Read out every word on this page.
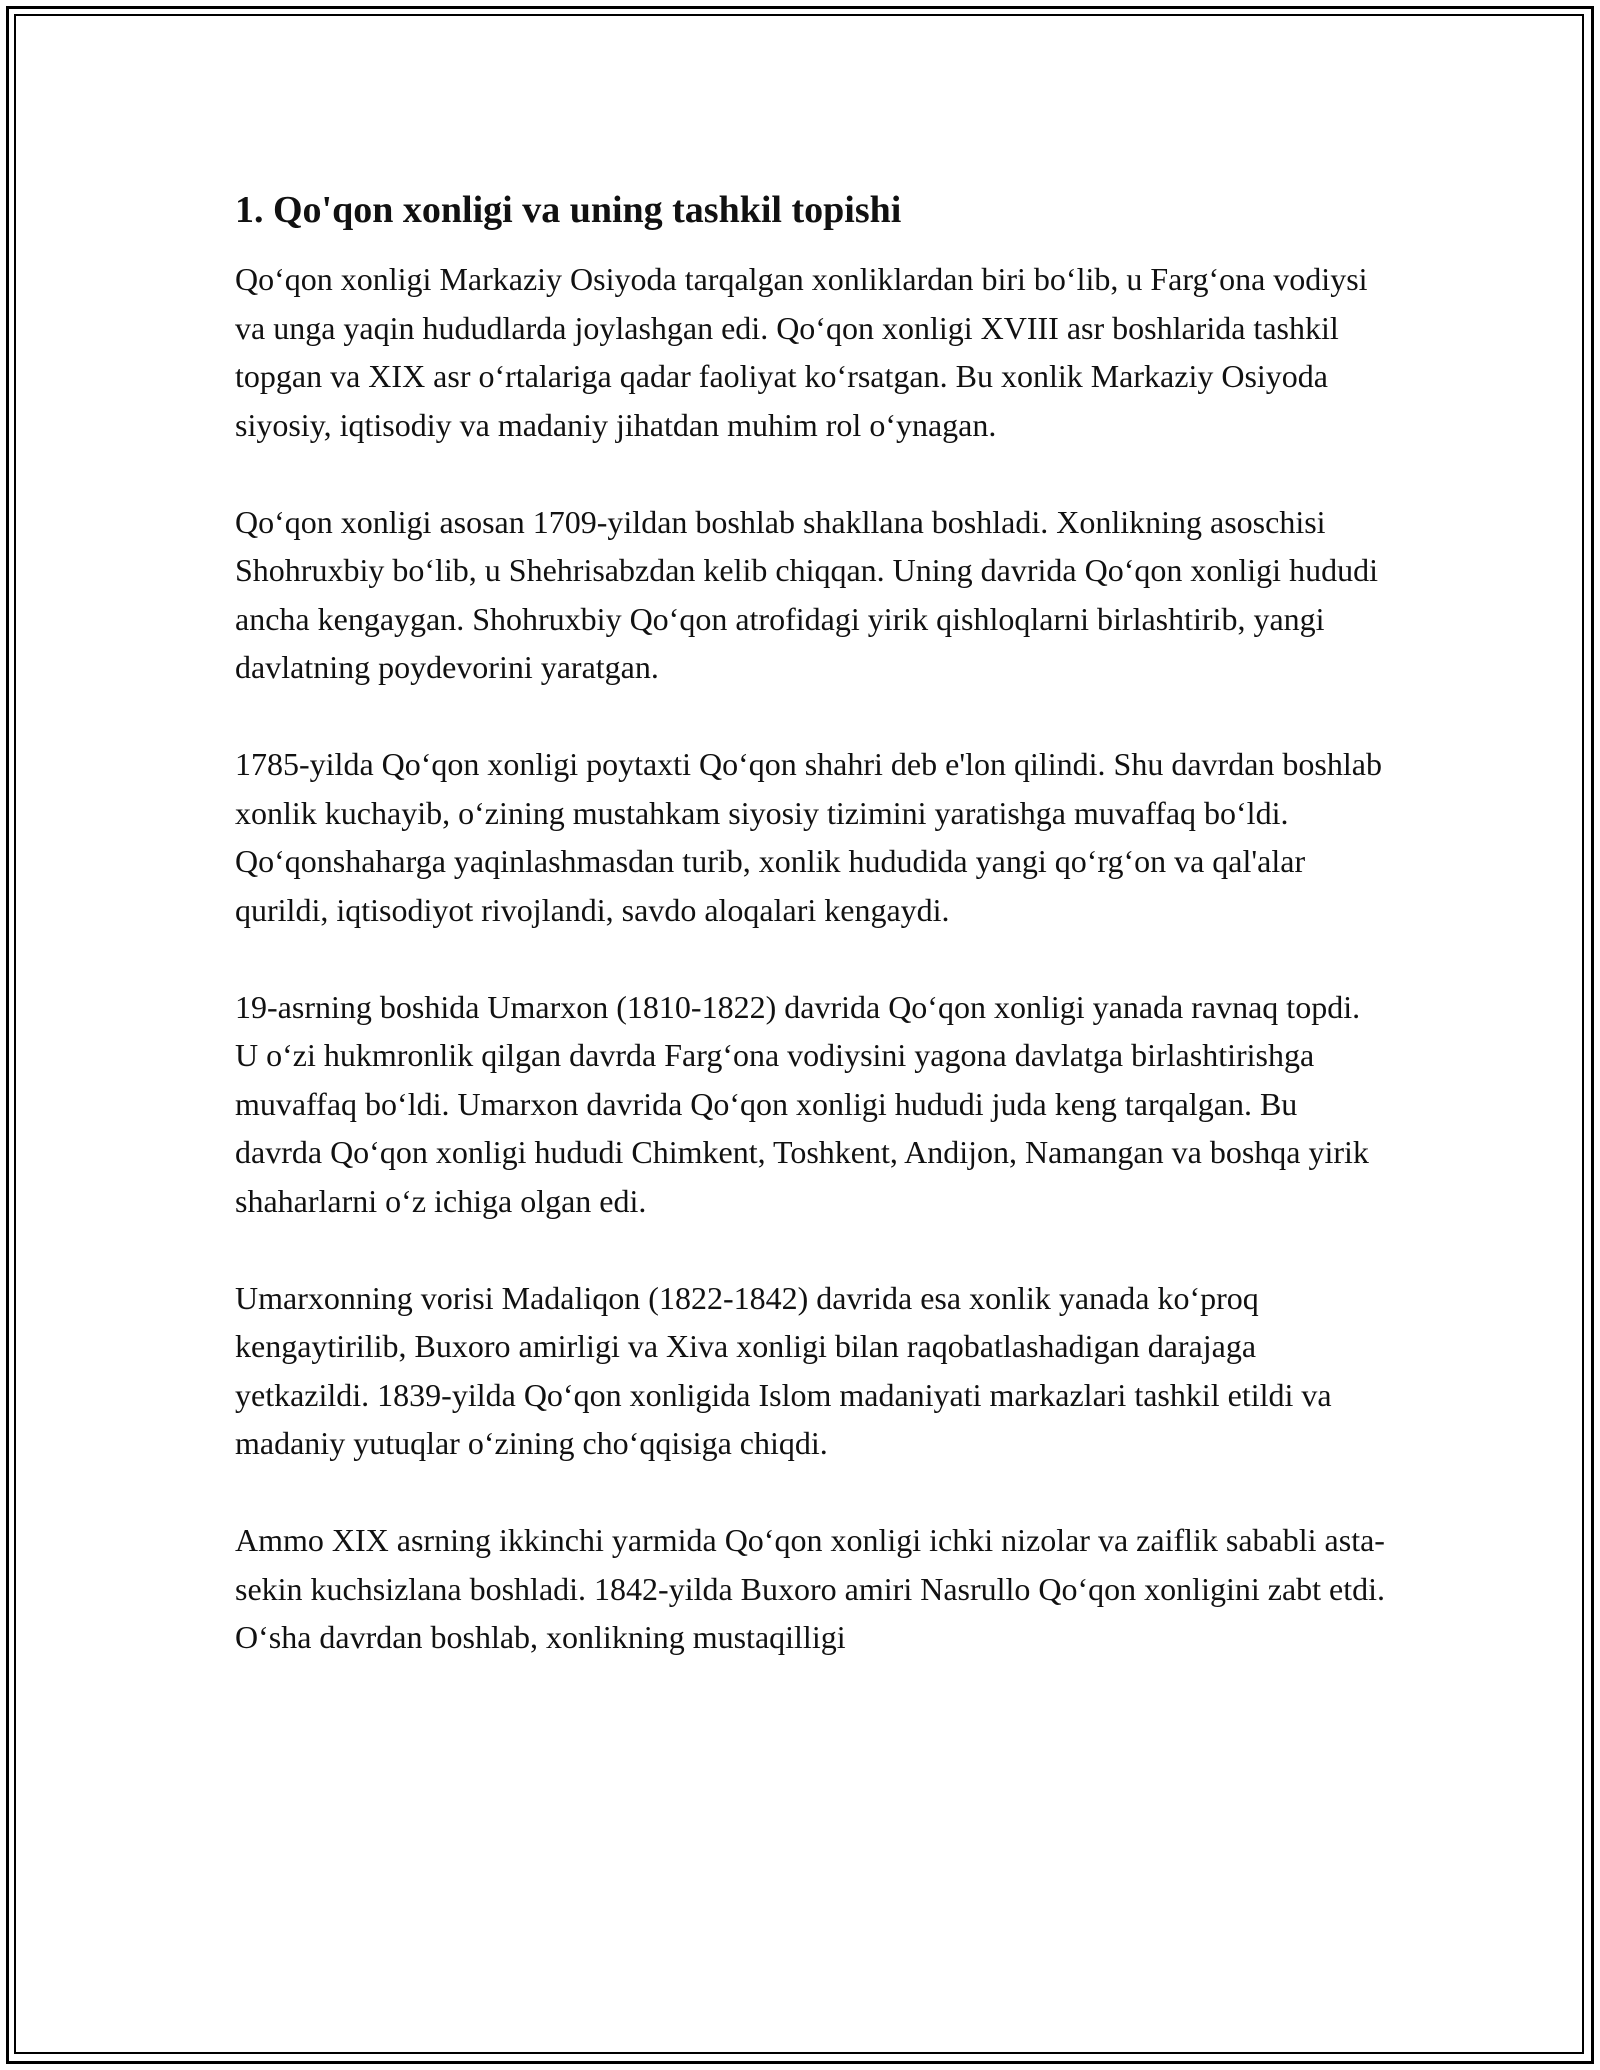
1. Qo'qon xonligi va uning tashkil topishi

Qo‘qon xonligi Markaziy Osiyoda tarqalgan xonliklardan biri bo‘lib, u Farg‘ona vodiysi va unga yaqin hududlarda joylashgan edi. Qo‘qon xonligi XVIII asr boshlarida tashkil topgan va XIX asr o‘rtalariga qadar faoliyat ko‘rsatgan. Bu xonlik Markaziy Osiyoda siyosiy, iqtisodiy va madaniy jihatdan muhim rol o‘ynagan.

Qo‘qon xonligi asosan 1709-yildan boshlab shakllana boshladi. Xonlikning asoschisi Shohruxbiy bo‘lib, u Shehrisabzdan kelib chiqqan. Uning davrida Qo‘qon xonligi hududi ancha kengaygan. Shohruxbiy Qo‘qon atrofidagi yirik qishloqlarni birlashtirib, yangi davlatning poydevorini yaratgan.

1785-yilda Qo‘qon xonligi poytaxti Qo‘qon shahri deb e'lon qilindi. Shu davrdan boshlab xonlik kuchayib, o‘zining mustahkam siyosiy tizimini yaratishga muvaffaq bo‘ldi. Qo‘qonshaharga yaqinlashmasdan turib, xonlik hududida yangi qo‘rg‘on va qal'alar qurildi, iqtisodiyot rivojlandi, savdo aloqalari kengaydi.

19-asrning boshida Umarxon (1810-1822) davrida Qo‘qon xonligi yanada ravnaq topdi. U o‘zi hukmronlik qilgan davrda Farg‘ona vodiysini yagona davlatga birlashtirishga muvaffaq bo‘ldi. Umarxon davrida Qo‘qon xonligi hududi juda keng tarqalgan. Bu davrda Qo‘qon xonligi hududi Chimkent, Toshkent, Andijon, Namangan va boshqa yirik shaharlarni o‘z ichiga olgan edi.

Umarxonning vorisi Madaliqon (1822-1842) davrida esa xonlik yanada ko‘proq kengaytirilib, Buxoro amirligi va Xiva xonligi bilan raqobatlashadigan darajaga yetkazildi. 1839-yilda Qo‘qon xonligida Islom madaniyati markazlari tashkil etildi va madaniy yutuqlar o‘zining cho‘qqisiga chiqdi.

Ammo XIX asrning ikkinchi yarmida Qo‘qon xonligi ichki nizolar va zaiflik sababli asta-sekin kuchsizlana boshladi. 1842-yilda Buxoro amiri Nasrullo Qo‘qon xonligini zabt etdi. O‘sha davrdan boshlab, xonlikning mustaqilligi
